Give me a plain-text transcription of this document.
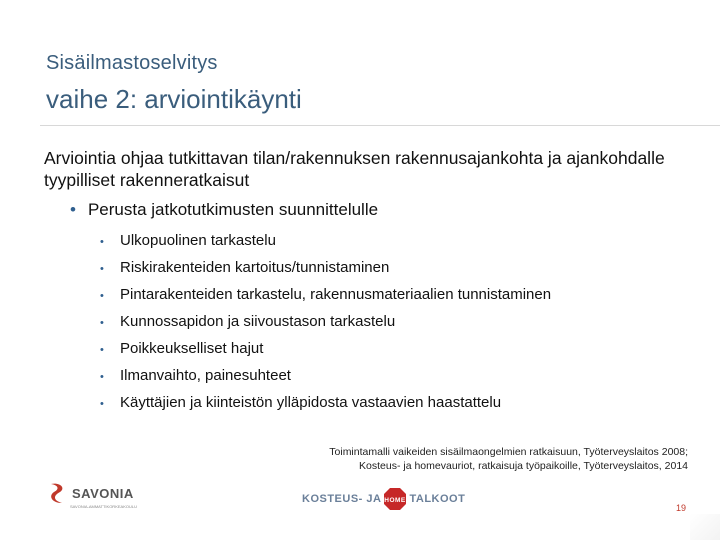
Sisäilmastoselvitys
vaihe 2: arviointikäynti
Arviointia ohjaa tutkittavan tilan/rakennuksen rakennusajankohta ja ajankohdalle tyypilliset rakenneratkaisut
• Perusta jatkotutkimusten suunnittelulle
• Ulkopuolinen tarkastelu
• Riskirakenteiden kartoitus/tunnistaminen
• Pintarakenteiden tarkastelu, rakennusmateriaalien tunnistaminen
• Kunnossapidon ja siivoustason tarkastelu
• Poikkeukselliset hajut
• Ilmanvaihto, painesuhteet
• Käyttäjien ja kiinteistön ylläpidosta vastaavien haastattelu
Toimintamalli vaikeiden sisäilmaongelmien ratkaisuun, Työterveyslaitos 2008;
Kosteus- ja homevauriot, ratkaisuja työpaikoille, Työterveyslaitos, 2014
SAVONIA
SAVONIA-AMMATTIKORKEAKOULU
KOSTEUS- JA HOME TALKOOT
19
